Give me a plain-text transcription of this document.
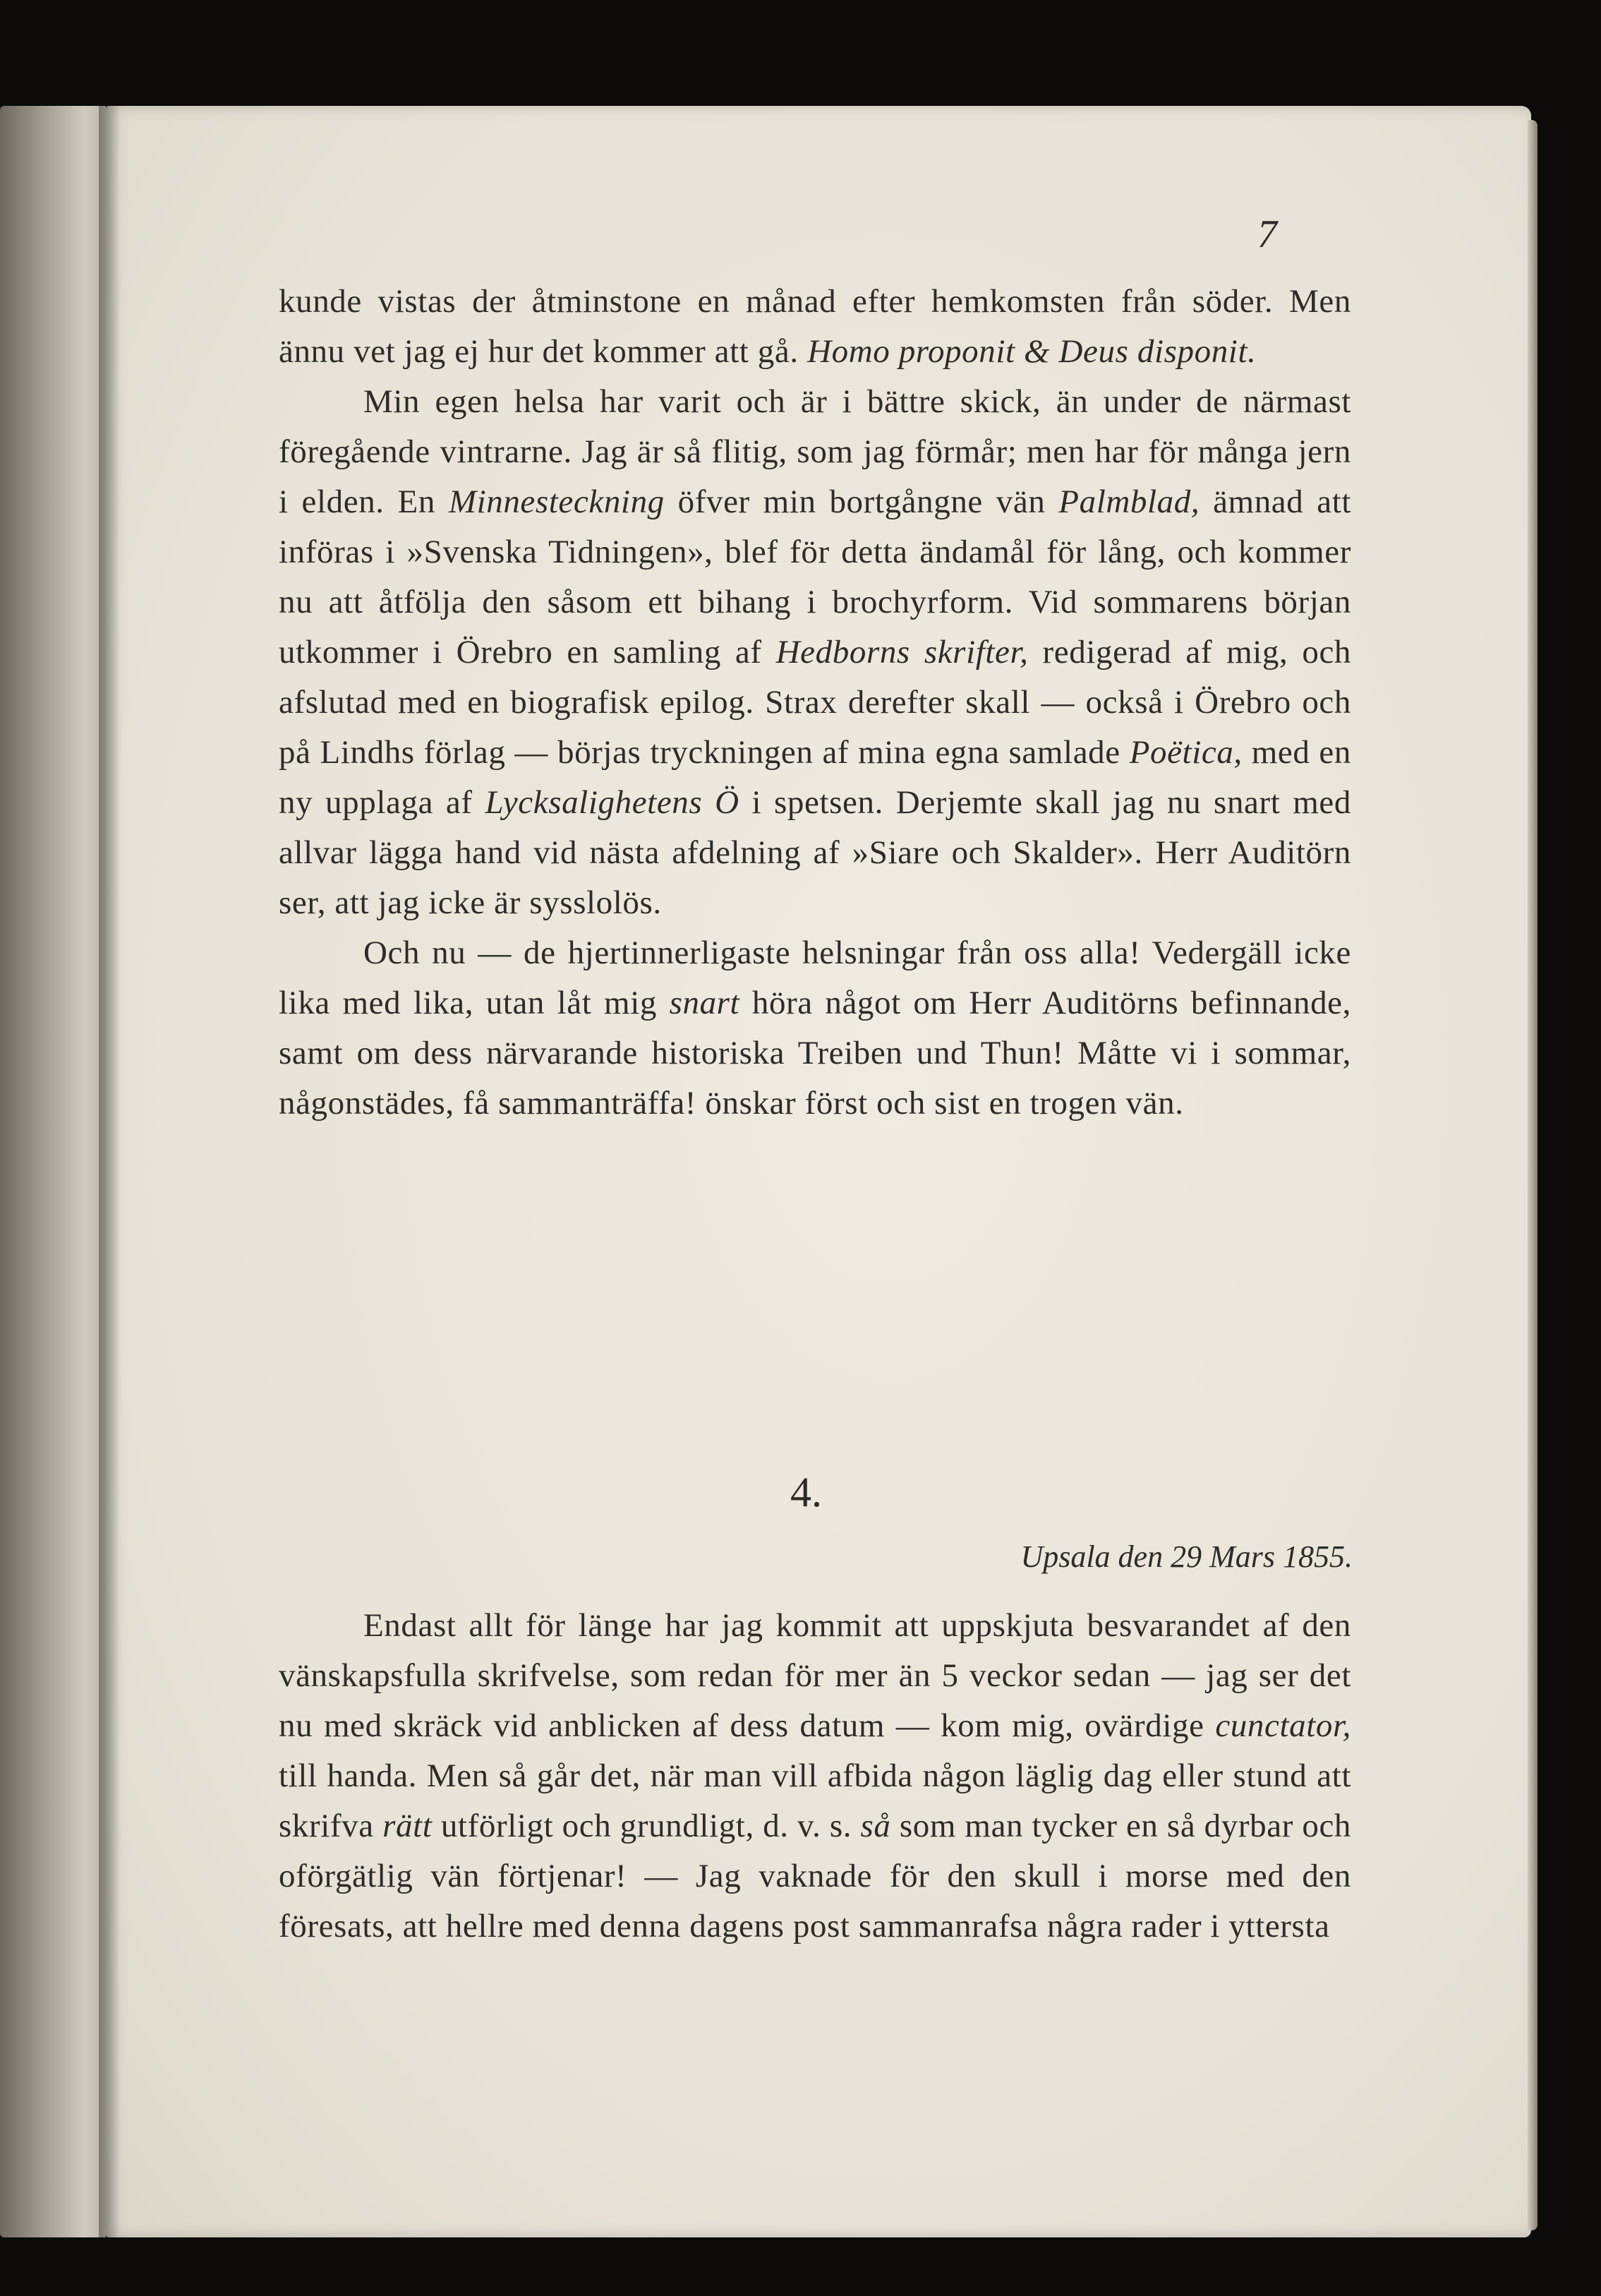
7

kunde vistas der åtminstone en månad efter hemkomsten från söder. Men ännu vet jag ej hur det kommer att gå. Homo proponit & Deus disponit.

Min egen helsa har varit och är i bättre skick, än under de närmast föregående vintrarne. Jag är så flitig, som jag förmår; men har för många jern i elden. En Minnesteckning öfver min bortgångne vän Palmblad, ämnad att införas i »Svenska Tidningen», blef för detta ändamål för lång, och kommer nu att åtfölja den såsom ett bihang i brochyrform. Vid sommarens början utkommer i Örebro en samling af Hedborns skrifter, redigerad af mig, och afslutad med en biografisk epilog. Strax derefter skall — också i Örebro och på Lindhs förlag — börjas tryckningen af mina egna samlade Poëtica, med en ny upplaga af Lycksalighetens Ö i spetsen. Derjemte skall jag nu snart med allvar lägga hand vid nästa afdelning af »Siare och Skalder». Herr Auditörn ser, att jag icke är sysslolös.

Och nu — de hjertinnerligaste helsningar från oss alla! Vedergäll icke lika med lika, utan låt mig snart höra något om Herr Auditörns befinnande, samt om dess närvarande historiska Treiben und Thun! Måtte vi i sommar, någonstädes, få sammanträffa! önskar först och sist en trogen vän.

4.
Upsala den 29 Mars 1855.

Endast allt för länge har jag kommit att uppskjuta besvarandet af den vänskapsfulla skrifvelse, som redan för mer än 5 veckor sedan — jag ser det nu med skräck vid anblicken af dess datum — kom mig, ovärdige cunctator, till handa. Men så går det, när man vill afbida någon läglig dag eller stund att skrifva rätt utförligt och grundligt, d. v. s. så som man tycker en så dyrbar och oförgätlig vän förtjenar! — Jag vaknade för den skull i morse med den föresats, att hellre med denna dagens post sammanrafsa några rader i yttersta
